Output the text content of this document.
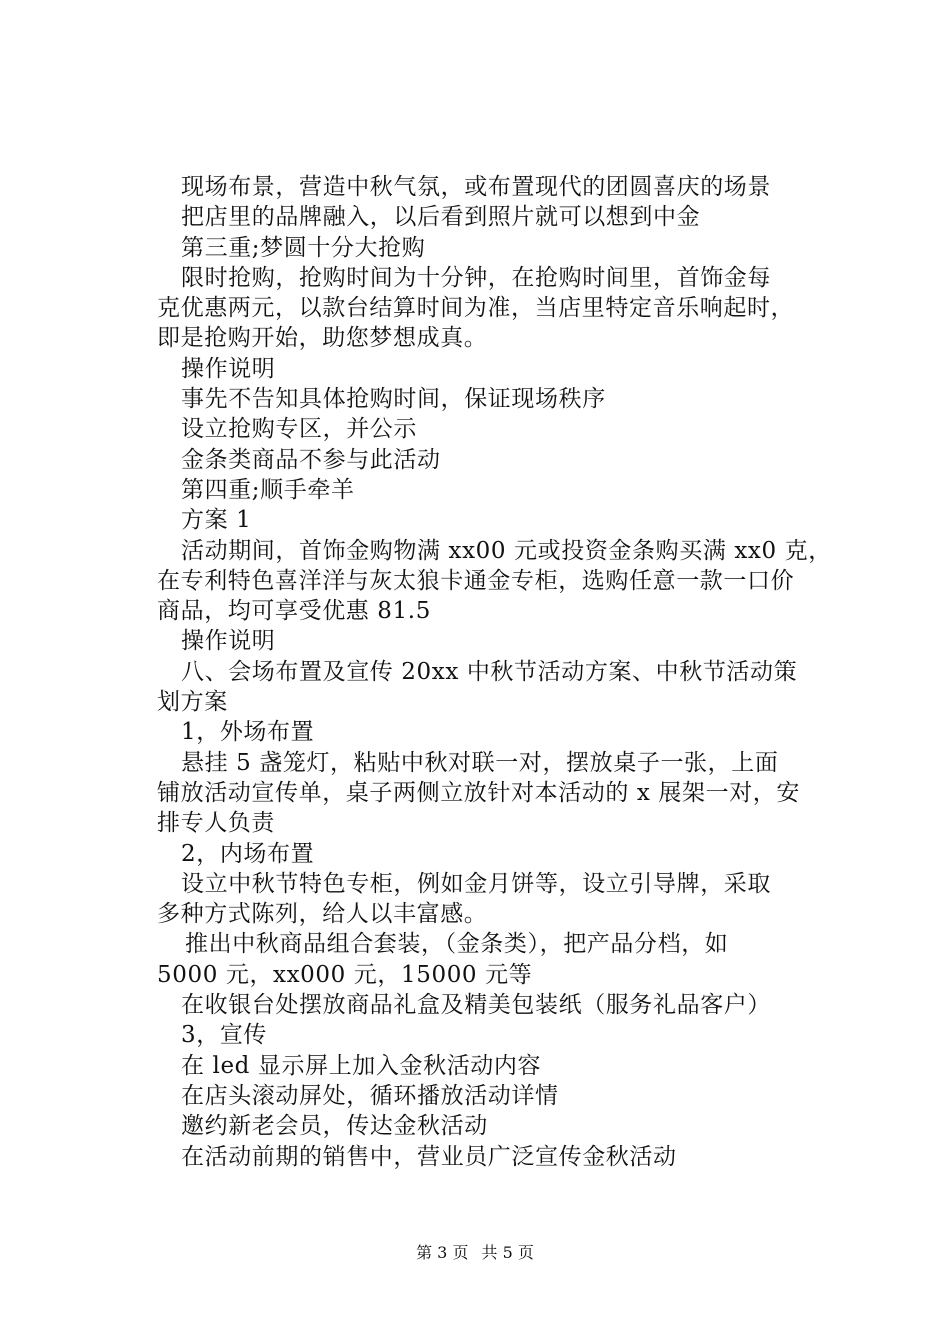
现场布景，营造中秋气氛，或布置现代的团圆喜庆的场景
把店里的品牌融入，以后看到照片就可以想到中金
第三重;梦圆十分大抢购
限时抢购，抢购时间为十分钟，在抢购时间里，首饰金每
克优惠两元，以款台结算时间为准，当店里特定音乐响起时，
即是抢购开始，助您梦想成真。
操作说明
事先不告知具体抢购时间，保证现场秩序
设立抢购专区，并公示
金条类商品不参与此活动
第四重;顺手牵羊
方案 1
活动期间，首饰金购物满 xx00 元或投资金条购买满 xx0 克，
在专利特色喜洋洋与灰太狼卡通金专柜，选购任意一款一口价
商品，均可享受优惠 81.5
操作说明
八、会场布置及宣传 20xx 中秋节活动方案、中秋节活动策
划方案
1，外场布置
悬挂 5 盏笼灯，粘贴中秋对联一对，摆放桌子一张，上面
铺放活动宣传单，桌子两侧立放针对本活动的 x 展架一对，安
排专人负责
2，内场布置
设立中秋节特色专柜，例如金月饼等，设立引导牌，采取
多种方式陈列，给人以丰富感。
推出中秋商品组合套装，（金条类），把产品分档，如
5000 元，xx000 元，15000 元等
在收银台处摆放商品礼盒及精美包装纸（服务礼品客户）
3，宣传
在 led 显示屏上加入金秋活动内容
在店头滚动屏处，循环播放活动详情
邀约新老会员，传达金秋活动
在活动前期的销售中，营业员广泛宣传金秋活动
第 3 页 共 5 页
